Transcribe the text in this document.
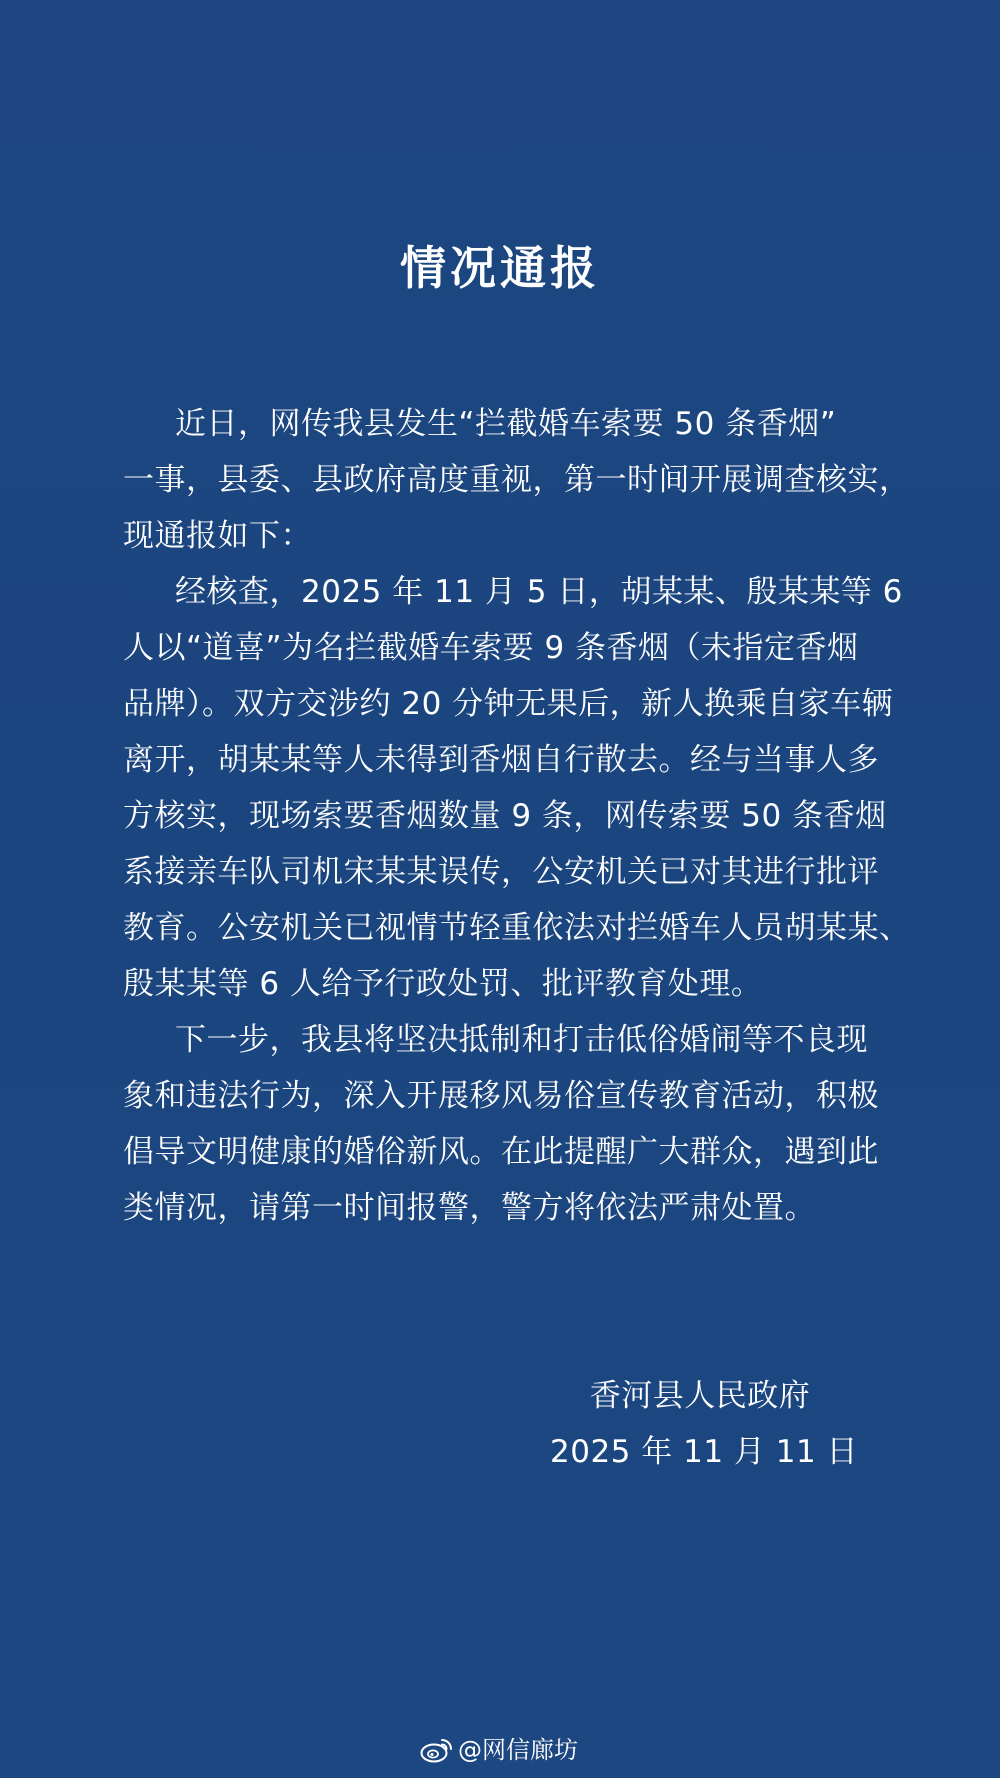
情况通报

近日，网传我县发生“拦截婚车索要 50 条香烟”
一事，县委、县政府高度重视，第一时间开展调查核实，
现通报如下：

经核查，2025 年 11 月 5 日，胡某某、殷某某等 6
人以“道喜”为名拦截婚车索要 9 条香烟（未指定香烟
品牌）。双方交涉约 20 分钟无果后，新人换乘自家车辆
离开，胡某某等人未得到香烟自行散去。经与当事人多
方核实，现场索要香烟数量 9 条，网传索要 50 条香烟
系接亲车队司机宋某某误传，公安机关已对其进行批评
教育。公安机关已视情节轻重依法对拦婚车人员胡某某、
殷某某等 6 人给予行政处罚、批评教育处理。

下一步，我县将坚决抵制和打击低俗婚闹等不良现
象和违法行为，深入开展移风易俗宣传教育活动，积极
倡导文明健康的婚俗新风。在此提醒广大群众，遇到此
类情况，请第一时间报警，警方将依法严肃处置。

香河县人民政府
2025 年 11 月 11 日
@网信廊坊
